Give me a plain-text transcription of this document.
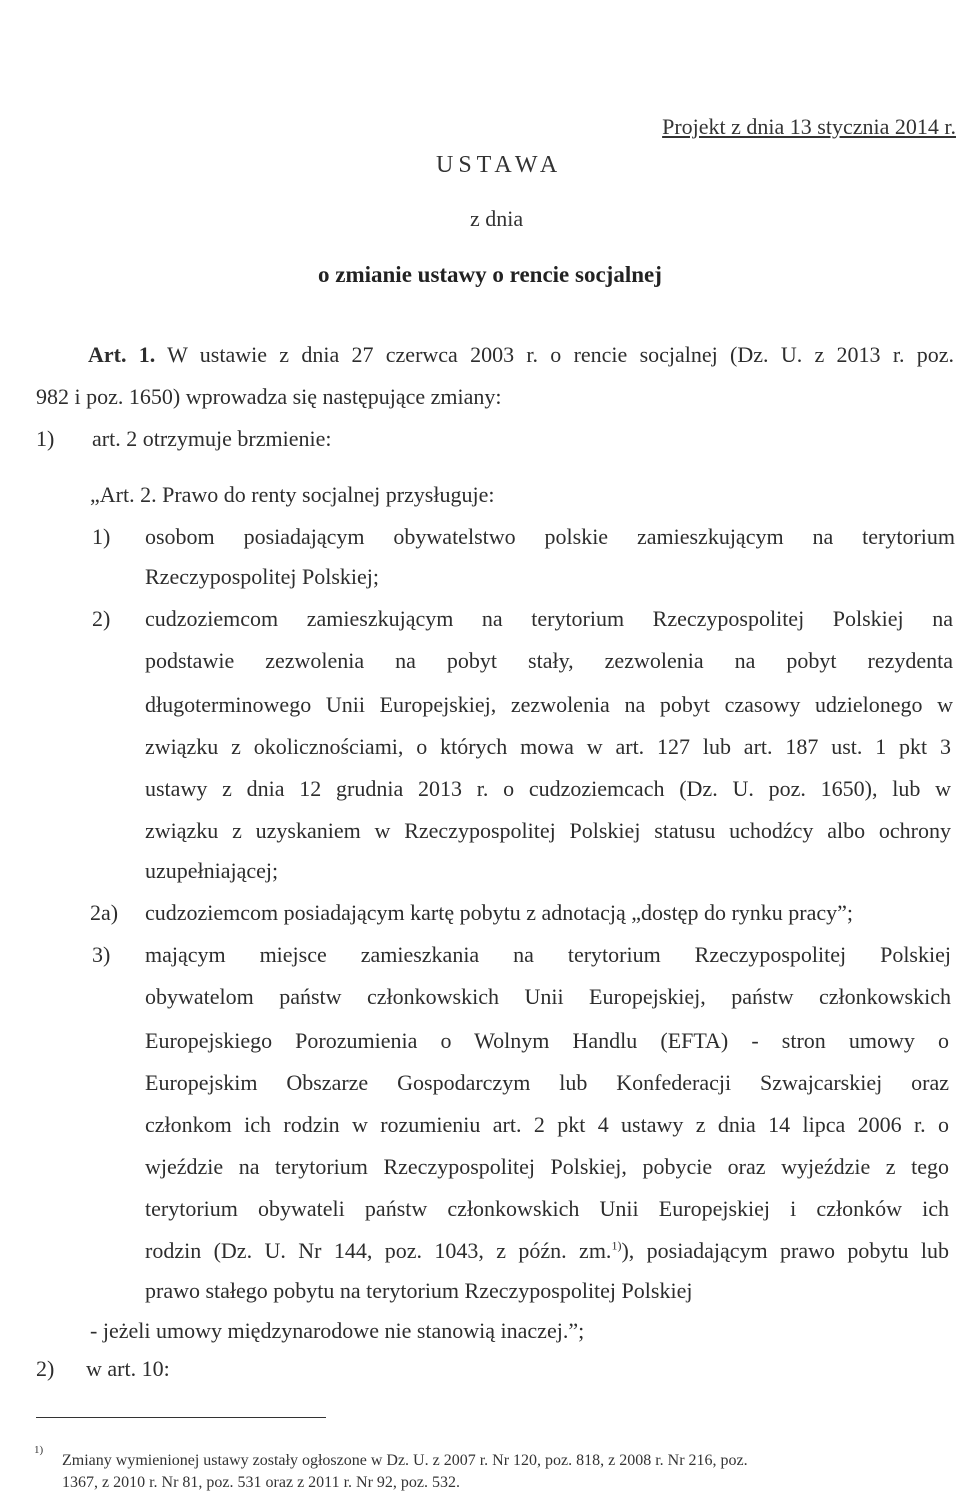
Projekt z dnia 13 stycznia 2014 r.
USTAWA
z dnia
o zmianie ustawy o rencie socjalnej
Art. 1. W ustawie z dnia 27 czerwca 2003 r. o rencie socjalnej (Dz. U. z 2013 r. poz.
982 i poz. 1650) wprowadza się następujące zmiany:
1) art. 2 otrzymuje brzmienie:
„Art. 2. Prawo do renty socjalnej przysługuje:
1) osobom posiadającym obywatelstwo polskie zamieszkującym na terytorium
Rzeczypospolitej Polskiej;
2) cudzoziemcom zamieszkującym na terytorium Rzeczypospolitej Polskiej na
podstawie zezwolenia na pobyt stały, zezwolenia na pobyt rezydenta
długoterminowego Unii Europejskiej, zezwolenia na pobyt czasowy udzielonego w
związku z okolicznościami, o których mowa w art. 127 lub art. 187 ust. 1 pkt 3
ustawy z dnia 12 grudnia 2013 r. o cudzoziemcach (Dz. U. poz. 1650), lub w
związku z uzyskaniem w Rzeczypospolitej Polskiej statusu uchodźcy albo ochrony
uzupełniającej;
2a) cudzoziemcom posiadającym kartę pobytu z adnotacją „dostęp do rynku pracy”;
3) mającym miejsce zamieszkania na terytorium Rzeczypospolitej Polskiej
obywatelom państw członkowskich Unii Europejskiej, państw członkowskich
Europejskiego Porozumienia o Wolnym Handlu (EFTA) - stron umowy o
Europejskim Obszarze Gospodarczym lub Konfederacji Szwajcarskiej oraz
członkom ich rodzin w rozumieniu art. 2 pkt 4 ustawy z dnia 14 lipca 2006 r. o
wjeździe na terytorium Rzeczypospolitej Polskiej, pobycie oraz wyjeździe z tego
terytorium obywateli państw członkowskich Unii Europejskiej i członków ich
rodzin (Dz. U. Nr 144, poz. 1043, z późn. zm.$^{1)}$), posiadającym prawo pobytu lub
prawo stałego pobytu na terytorium Rzeczypospolitej Polskiej
- jeżeli umowy międzynarodowe nie stanowią inaczej.”;
2) w art. 10:
1)
Zmiany wymienionej ustawy zostały ogłoszone w Dz. U. z 2007 r. Nr 120, poz. 818, z 2008 r. Nr 216, poz.
1367, z 2010 r. Nr 81, poz. 531 oraz z 2011 r. Nr 92, poz. 532.
